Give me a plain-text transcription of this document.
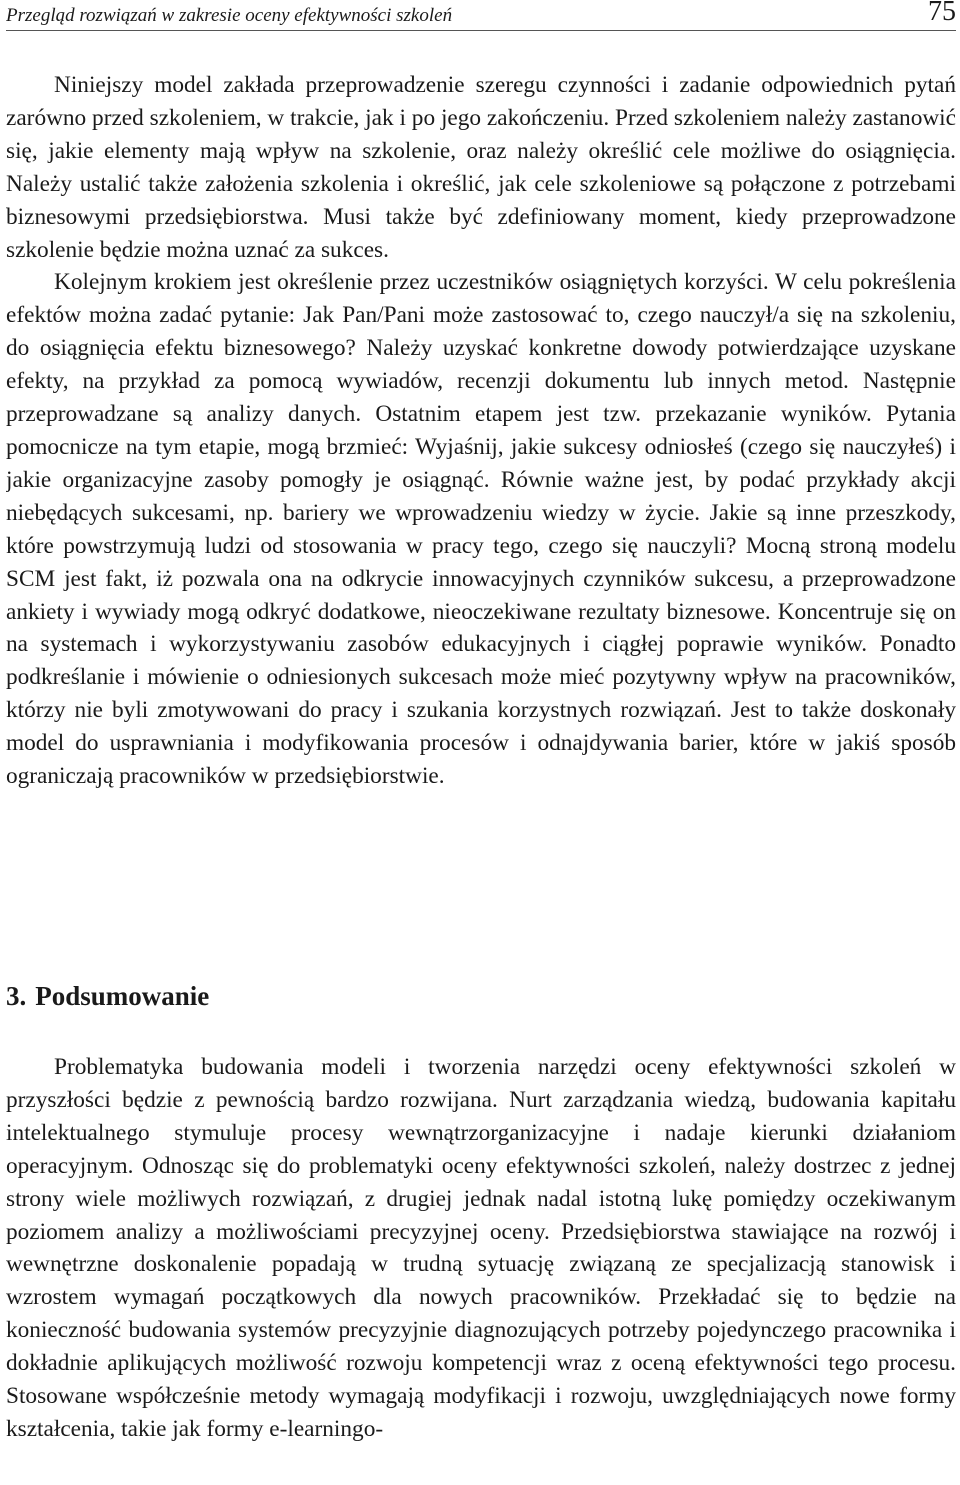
Przegląd rozwiązań w zakresie oceny efektywności szkoleń	75

Niniejszy model zakłada przeprowadzenie szeregu czynności i zadanie odpowiednich pytań zarówno przed szkoleniem, w trakcie, jak i po jego zakończeniu. Przed szkoleniem należy zastanowić się, jakie elementy mają wpływ na szkolenie, oraz należy określić cele możliwe do osiągnięcia. Należy ustalić także założenia szkolenia i określić, jak cele szkoleniowe są połączone z potrzebami biznesowymi przedsiębiorstwa. Musi także być zdefiniowany moment, kiedy przeprowadzone szkolenie będzie można uznać za sukces.

Kolejnym krokiem jest określenie przez uczestników osiągniętych korzyści. W celu pokreślenia efektów można zadać pytanie: Jak Pan/Pani może zastosować to, czego nauczył/a się na szkoleniu, do osiągnięcia efektu biznesowego? Należy uzyskać konkretne dowody potwierdzające uzyskane efekty, na przykład za pomocą wywiadów, recenzji dokumentu lub innych metod. Następnie przeprowadzane są analizy danych. Ostatnim etapem jest tzw. przekazanie wyników. Pytania pomocnicze na tym etapie, mogą brzmieć: Wyjaśnij, jakie sukcesy odniosłeś (czego się nauczyłeś) i jakie organizacyjne zasoby pomogły je osiągnąć. Równie ważne jest, by podać przykłady akcji niebędących sukcesami, np. bariery we wprowadzeniu wiedzy w życie. Jakie są inne przeszkody, które powstrzymują ludzi od stosowania w pracy tego, czego się nauczyli? Mocną stroną modelu SCM jest fakt, iż pozwala ona na odkrycie innowacyjnych czynników sukcesu, a przeprowadzone ankiety i wywiady mogą odkryć dodatkowe, nieoczekiwane rezultaty biznesowe. Koncentruje się on na systemach i wykorzystywaniu zasobów edukacyjnych i ciągłej poprawie wyników. Ponadto podkreślanie i mówienie o odniesionych sukcesach może mieć pozytywny wpływ na pracowników, którzy nie byli zmotywowani do pracy i szukania korzystnych rozwiązań. Jest to także doskonały model do usprawniania i modyfikowania procesów i odnajdywania barier, które w jakiś sposób ograniczają pracowników w przedsiębiorstwie.

3. Podsumowanie

Problematyka budowania modeli i tworzenia narzędzi oceny efektywności szkoleń w przyszłości będzie z pewnością bardzo rozwijana. Nurt zarządzania wiedzą, budowania kapitału intelektualnego stymuluje procesy wewnątrzorganizacyjne i nadaje kierunki działaniom operacyjnym. Odnosząc się do problematyki oceny efektywności szkoleń, należy dostrzec z jednej strony wiele możliwych rozwiązań, z drugiej jednak nadal istotną lukę pomiędzy oczekiwanym poziomem analizy a możliwościami precyzyjnej oceny. Przedsiębiorstwa stawiające na rozwój i wewnętrzne doskonalenie popadają w trudną sytuację związaną ze specjalizacją stanowisk i wzrostem wymagań początkowych dla nowych pracowników. Przekładać się to będzie na konieczność budowania systemów precyzyjnie diagnozujących potrzeby pojedynczego pracownika i dokładnie aplikujących możliwość rozwoju kompetencji wraz z oceną efektywności tego procesu. Stosowane współcześnie metody wymagają modyfikacji i rozwoju, uwzględniających nowe formy kształcenia, takie jak formy e-learningo-
